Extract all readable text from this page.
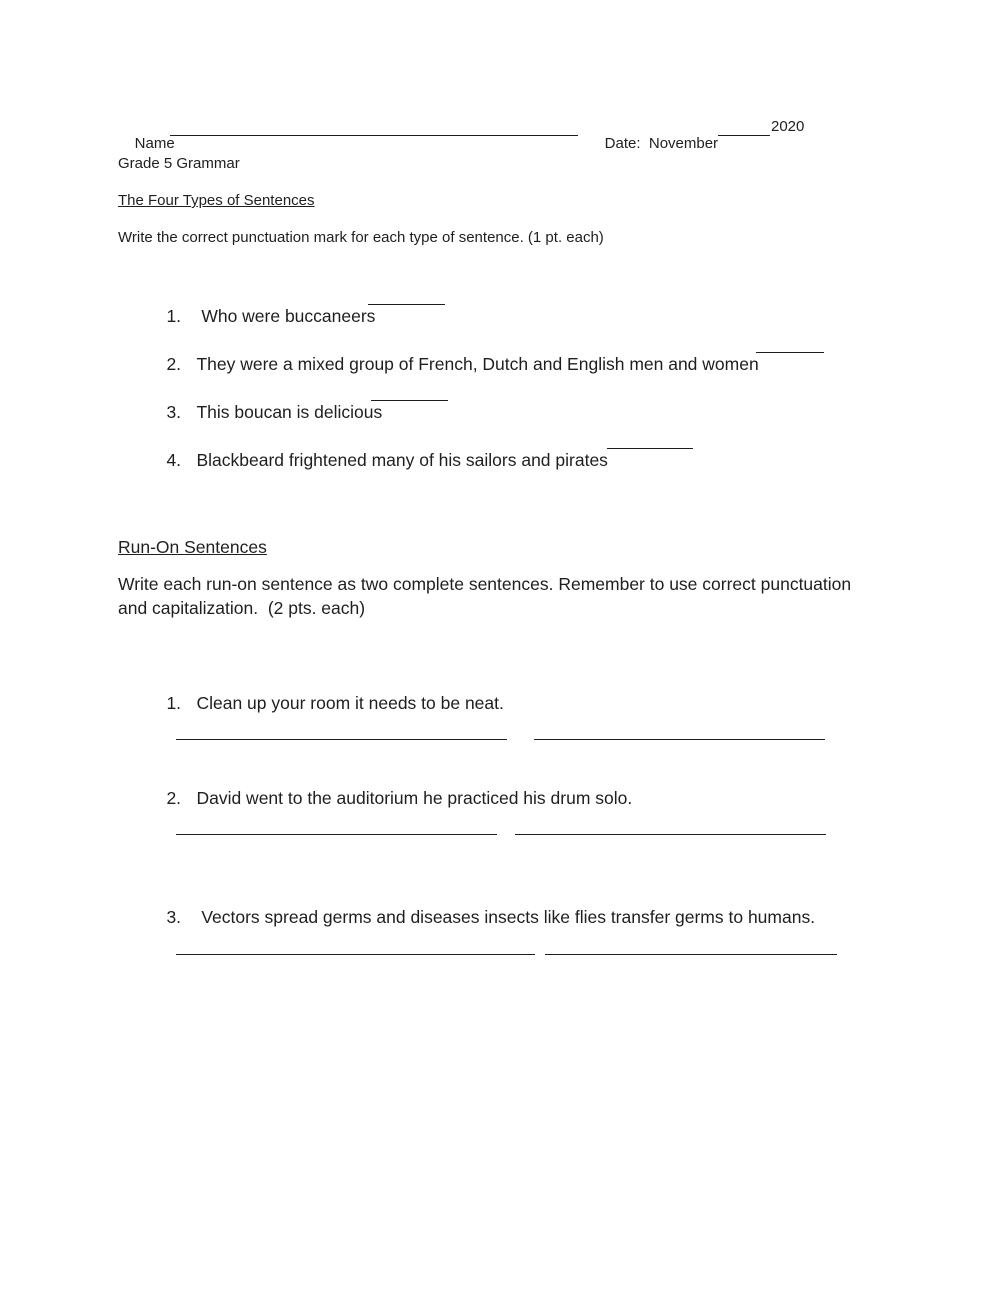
Name
	Date:  November

2020
Grade 5 Grammar
The Four Types of Sentences
Write the correct punctuation mark for each type of sentence. (1 pt. each)

1. Who were buccaneers

2. They were a mixed group of French, Dutch and English men and women

3. This boucan is delicious

4. Blackbeard frightened many of his sailors and pirates

Run-On Sentences
Write each run-on sentence as two complete sentences. Remember to use correct punctuation
and capitalization.  (2 pts. each)

1. Clean up your room it needs to be neat.

2. David went to the auditorium he practiced his drum solo.

3. Vectors spread germs and diseases insects like flies transfer germs to humans.
